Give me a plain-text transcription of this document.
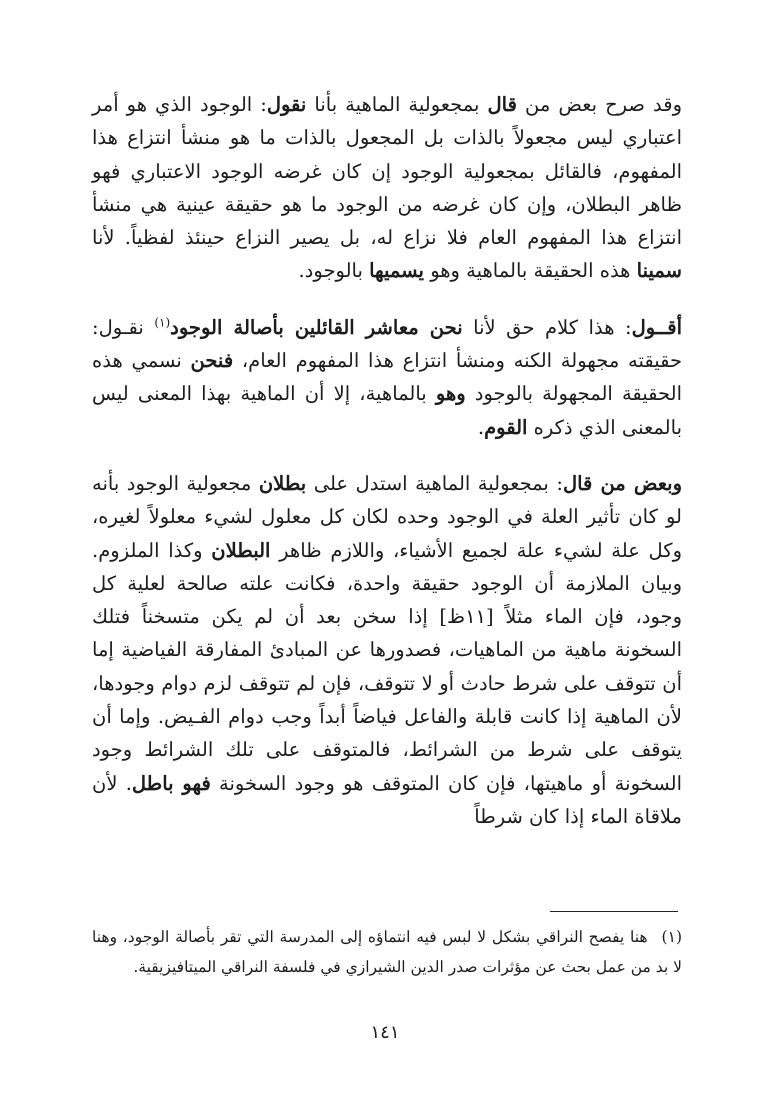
وقد صرح بعض من قال بمجعولية الماهية بأنا نقول: الوجود الذي هو أمر اعتباري ليس مجعولاً بالذات بل المجعول بالذات ما هو منشأ انتزاع هذا المفهوم، فالقائل بمجعولية الوجود إن كان غرضه الوجود الاعتباري فهو ظاهر البطلان، وإن كان غرضه من الوجود ما هو حقيقة عينية هي منشأ انتزاع هذا المفهوم العام فلا نزاع له، بل يصير النزاع حينئذ لفظياً. لأنا سمينا هذه الحقيقة بالماهية وهو يسميها بالوجود.

أقــول: هذا كلام حق لأنا نحن معاشر القائلين بأصالة الوجود$^{(١)}$ نقـول: حقيقته مجهولة الكنه ومنشأ انتزاع هذا المفهوم العام، فنحن نسمي هذه الحقيقة المجهولة بالوجود وهو بالماهية، إلا أن الماهية بهذا المعنى ليس بالمعنى الذي ذكره القوم.

وبعض من قال: بمجعولية الماهية استدل على بطلان مجعولية الوجود بأنه لو كان تأثير العلة في الوجود وحده لكان كل معلول لشيء معلولاً لغيره، وكل علة لشيء علة لجميع الأشياء، واللازم ظاهر البطلان وكذا الملزوم. وبيان الملازمة أن الوجود حقيقة واحدة، فكانت علته صالحة لعلية كل وجود، فإن الماء مثلاً [١١ظ] إذا سخن بعد أن لم يكن متسخناً فتلك السخونة ماهية من الماهيات، فصدورها عن المبادئ المفارقة الفياضية إما أن تتوقف على شرط حادث أو لا تتوقف، فإن لم تتوقف لزم دوام وجودها، لأن الماهية إذا كانت قابلة والفاعل فياضاً أبداً وجب دوام الفـيض. وإما أن يتوقف على شرط من الشرائط، فالمتوقف على تلك الشرائط وجود السخونة أو ماهيتها، فإن كان المتوقف هو وجود السخونة فهو باطل. لأن ملاقاة الماء إذا كان شرطاً

(١)هنا يفصح النراقي بشكل لا لبس فيه انتماؤه إلى المدرسة التي تقر بأصالة الوجود، وهنا لا بد من عمل بحث عن مؤثرات صدر الدين الشيرازي في فلسفة النراقي الميتافيزيقية.
١٤١
